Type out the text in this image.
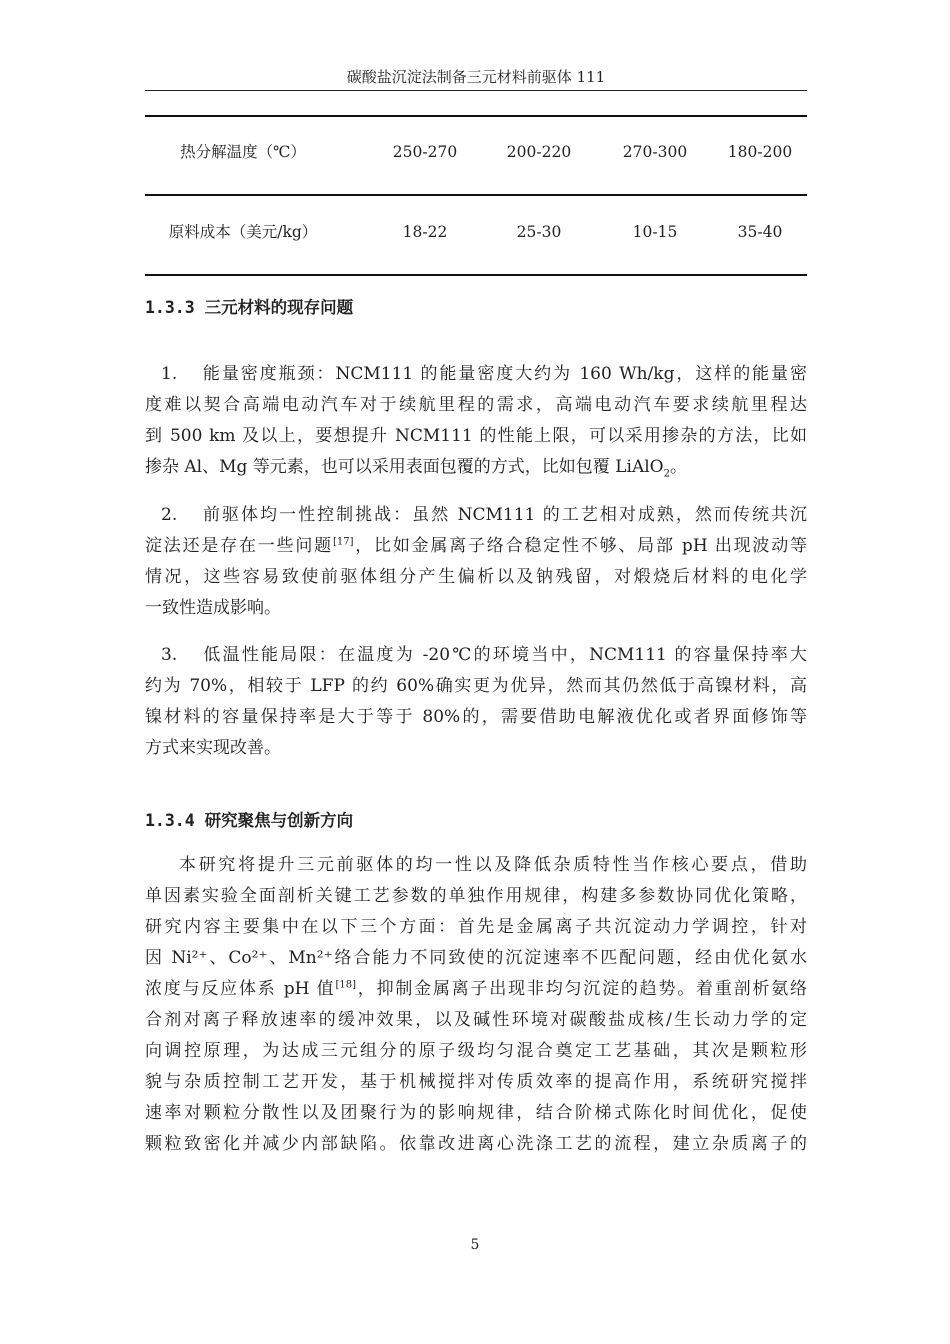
碳酸盐沉淀法制备三元材料前驱体 111
热分解温度（℃）	250-270	200-220	270-300	180-200
原料成本（美元/kg）	18-22	25-30	10-15	35-40
1.3.3 三元材料的现存问题
1. 能量密度瓶颈：NCM111 的能量密度大约为 160 Wh/kg，这样的能量密
度难以契合高端电动汽车对于续航里程的需求，高端电动汽车要求续航里程达
到 500 km 及以上，要想提升 NCM111 的性能上限，可以采用掺杂的方法，比如
掺杂 Al、Mg 等元素，也可以采用表面包覆的方式，比如包覆 LiAlO$_2$。
2. 前驱体均一性控制挑战：虽然 NCM111 的工艺相对成熟，然而传统共沉
淀法还是存在一些问题[17]，比如金属离子络合稳定性不够、局部 pH 出现波动等
情况，这些容易致使前驱体组分产生偏析以及钠残留，对煅烧后材料的电化学
一致性造成影响。
3. 低温性能局限：在温度为 -20℃的环境当中，NCM111 的容量保持率大
约为 70%，相较于 LFP 的约 60%确实更为优异，然而其仍然低于高镍材料，高
镍材料的容量保持率是大于等于 80%的，需要借助电解液优化或者界面修饰等
方式来实现改善。
1.3.4 研究聚焦与创新方向
本研究将提升三元前驱体的均一性以及降低杂质特性当作核心要点，借助
单因素实验全面剖析关键工艺参数的单独作用规律，构建多参数协同优化策略，
研究内容主要集中在以下三个方面：首先是金属离子共沉淀动力学调控，针对
因 Ni²⁺、Co²⁺、Mn²⁺络合能力不同致使的沉淀速率不匹配问题，经由优化氨水
浓度与反应体系 pH 值[18]，抑制金属离子出现非均匀沉淀的趋势。着重剖析氨络
合剂对离子释放速率的缓冲效果，以及碱性环境对碳酸盐成核/生长动力学的定
向调控原理，为达成三元组分的原子级均匀混合奠定工艺基础，其次是颗粒形
貌与杂质控制工艺开发，基于机械搅拌对传质效率的提高作用，系统研究搅拌
速率对颗粒分散性以及团聚行为的影响规律，结合阶梯式陈化时间优化，促使
颗粒致密化并减少内部缺陷。依靠改进离心洗涤工艺的流程，建立杂质离子的
5
